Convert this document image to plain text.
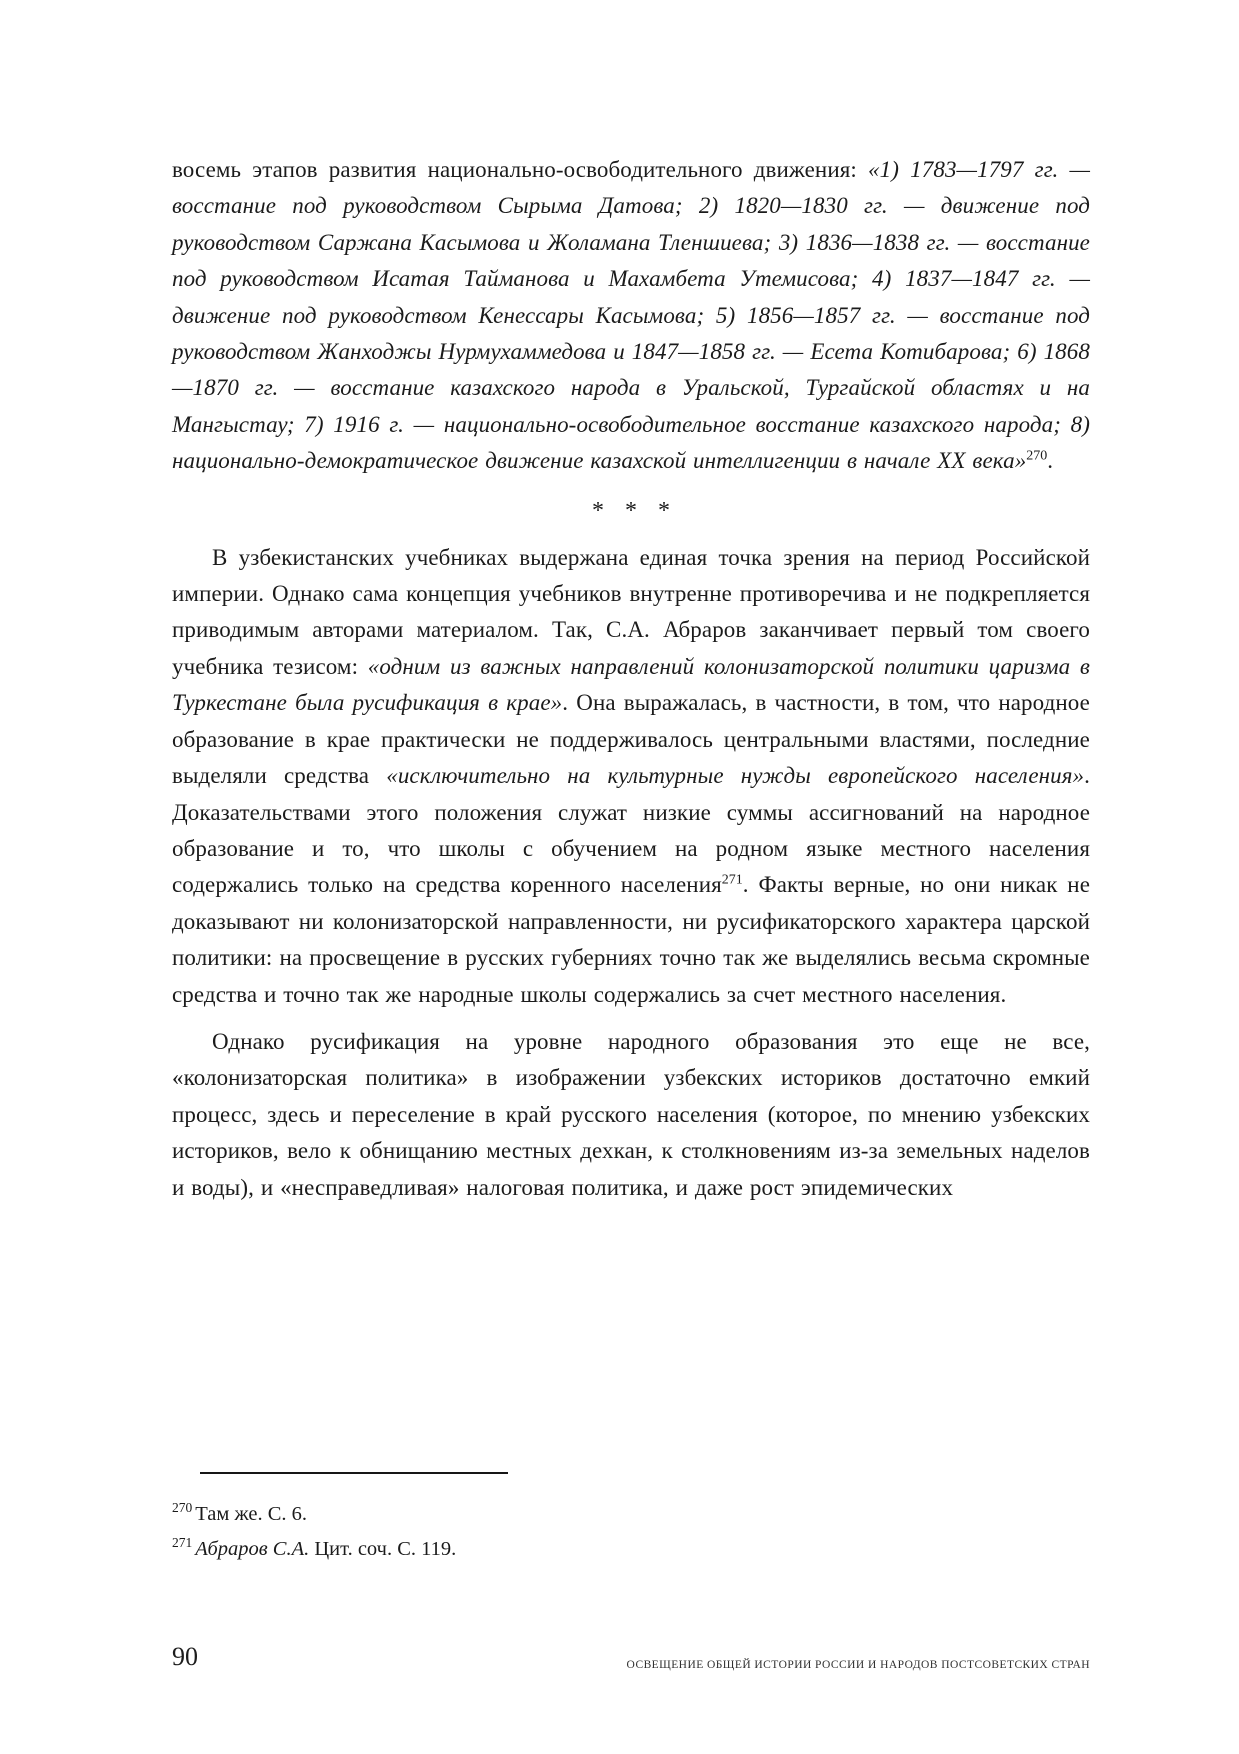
восемь этапов развития национально-освободительного движения: «1) 1783—1797 гг. — восстание под руководством Сырыма Датова; 2) 1820—1830 гг. — движение под руководством Саржана Касымова и Жоламана Тленшиева; 3) 1836—1838 гг. — восстание под руководством Исатая Тайманова и Махамбета Утемисова; 4) 1837—1847 гг. — движение под руководством Кенессары Касымова; 5) 1856—1857 гг. — восстание под руководством Жанходжы Нурмухаммедова и 1847—1858 гг. — Есета Котибарова; 6) 1868—1870 гг. — восстание казахского народа в Уральской, Тургайской областях и на Мангыстау; 7) 1916 г. — национально-освободительное восстание казахского народа; 8) национально-демократическое движение казахской интеллигенции в начале XX века»$^{270}$.

* * *

В узбекистанских учебниках выдержана единая точка зрения на период Российской империи. Однако сама концепция учебников внутренне противоречива и не подкрепляется приводимым авторами материалом. Так, С.А. Абраров заканчивает первый том своего учебника тезисом: «одним из важных направлений колонизаторской политики царизма в Туркестане была русификация в крае». Она выражалась, в частности, в том, что народное образование в крае практически не поддерживалось центральными властями, последние выделяли средства «исключительно на культурные нужды европейского населения». Доказательствами этого положения служат низкие суммы ассигнований на народное образование и то, что школы с обучением на родном языке местного населения содержались только на средства коренного населения$^{271}$. Факты верные, но они никак не доказывают ни колонизаторской направленности, ни русификаторского характера царской политики: на просвещение в русских губерниях точно так же выделялись весьма скромные средства и точно так же народные школы содержались за счет местного населения.

Однако русификация на уровне народного образования это еще не все, «колонизаторская политика» в изображении узбекских историков достаточно емкий процесс, здесь и переселение в край русского населения (которое, по мнению узбекских историков, вело к обнищанию местных дехкан, к столкновениям из-за земельных наделов и воды), и «несправедливая» налоговая политика, и даже рост эпидемических

$^{270}$ Там же. С. 6.

$^{271}$ Абраров С.А. Цит. соч. С. 119.

90	ОСВЕЩЕНИЕ ОБЩЕЙ ИСТОРИИ РОССИИ И НАРОДОВ ПОСТСОВЕТСКИХ СТРАН
